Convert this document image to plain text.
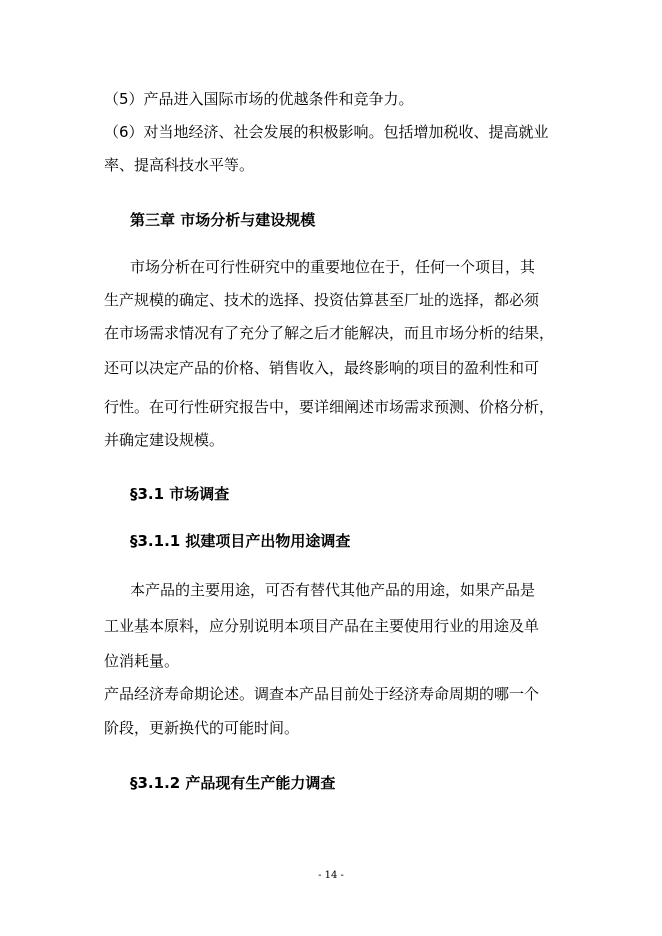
（5）产品进入国际市场的优越条件和竞争力。
（6）对当地经济、社会发展的积极影响。包括增加税收、提高就业
率、提高科技水平等。
第三章 市场分析与建设规模
市场分析在可行性研究中的重要地位在于，任何一个项目，其
生产规模的确定、技术的选择、投资估算甚至厂址的选择，都必须
在市场需求情况有了充分了解之后才能解决，而且市场分析的结果，
还可以决定产品的价格、销售收入，最终影响的项目的盈利性和可
行性。在可行性研究报告中，要详细阐述市场需求预测、价格分析，
并确定建设规模。
§3.1 市场调查
§3.1.1 拟建项目产出物用途调查
本产品的主要用途，可否有替代其他产品的用途，如果产品是
工业基本原料，应分别说明本项目产品在主要使用行业的用途及单
位消耗量。
产品经济寿命期论述。调查本产品目前处于经济寿命周期的哪一个
阶段，更新换代的可能时间。
§3.1.2 产品现有生产能力调查
- 14 -
